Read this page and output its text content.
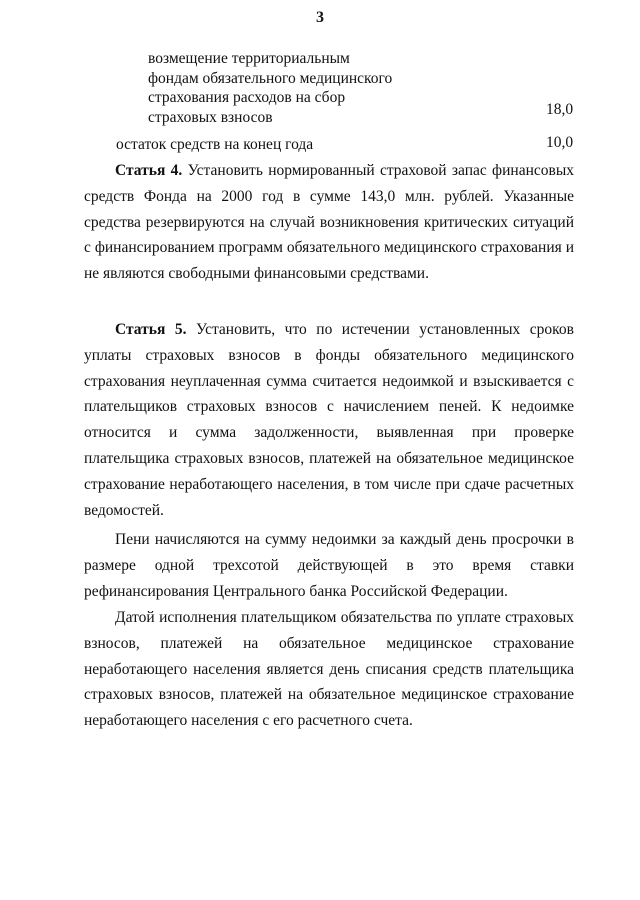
3
возмещение территориальным
фондам обязательного медицинского
страхования расходов на сбор
страховых взносов	18,0
остаток средств на конец года	10,0

Статья 4. Установить нормированный страховой запас финансовых средств Фонда на 2000 год в сумме 143,0 млн. рублей. Указанные средства резервируются на случай возникновения критических ситуаций с финансированием программ обязательного медицинского страхования и не являются свободными финансовыми средствами.

Статья 5. Установить, что по истечении установленных сроков уплаты страховых взносов в фонды обязательного медицинского страхования неуплаченная сумма считается недоимкой и взыскивается с плательщиков страховых взносов с начислением пеней. К недоимке относится и сумма задолженности, выявленная при проверке плательщика страховых взносов, платежей на обязательное медицинское страхование неработающего населения, в том числе при сдаче расчетных ведомостей.

Пени начисляются на сумму недоимки за каждый день просрочки в размере одной трехсотой действующей в это время ставки рефинансирования Центрального банка Российской Федерации.

Датой исполнения плательщиком обязательства по уплате страховых взносов, платежей на обязательное медицинское страхование неработающего населения является день списания средств плательщика страховых взносов, платежей на обязательное медицинское страхование неработающего населения с его расчетного счета.
